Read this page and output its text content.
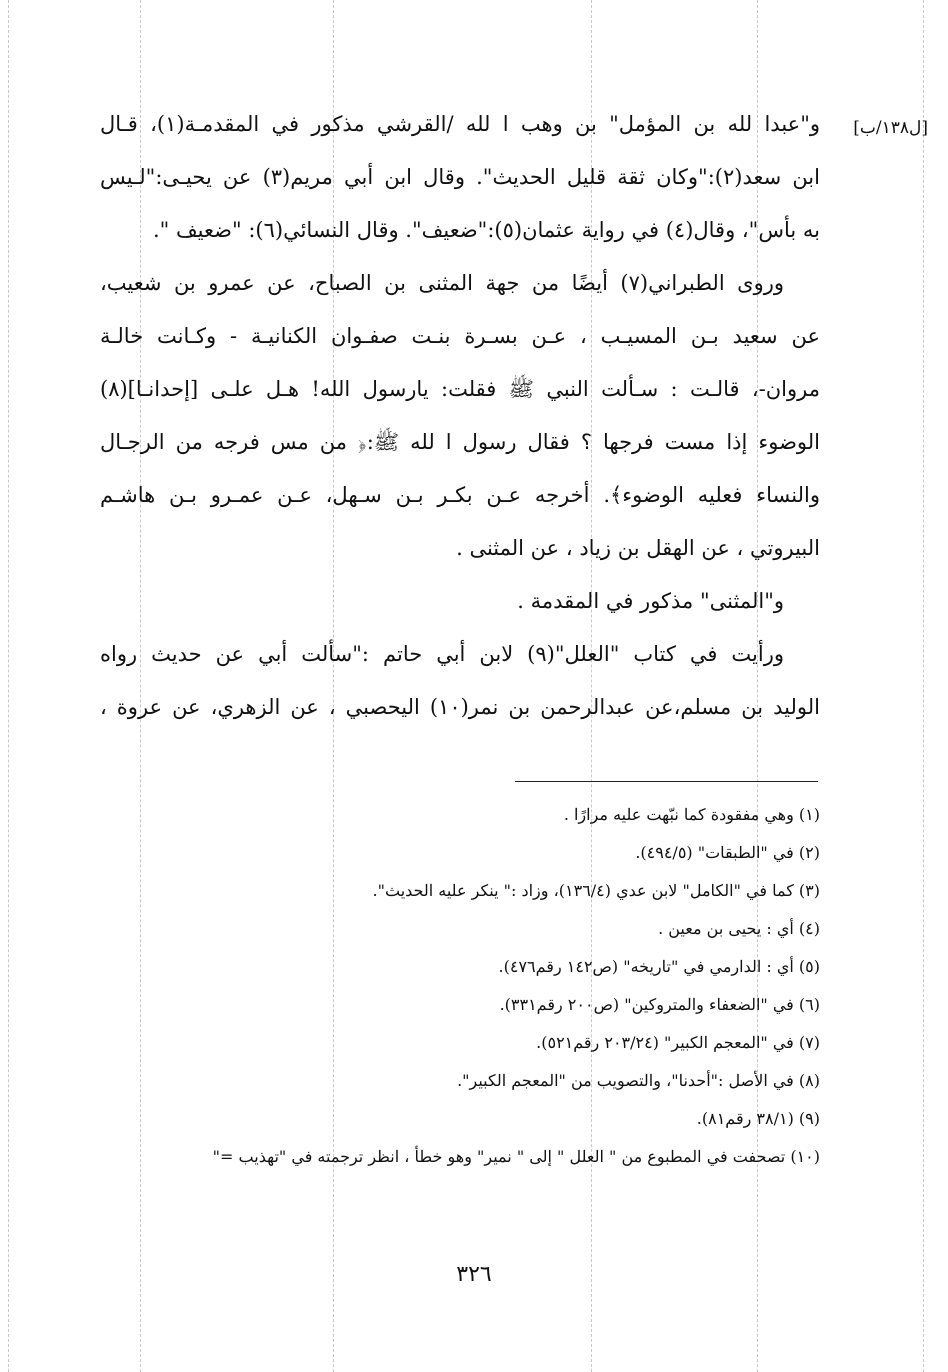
[ل١٣٨/ب]
و"عبدا لله بن المؤمل" بن وهب ا لله /القرشي مذكور في المقدمـة(١)، قـال
ابن سعد(٢):"وكان ثقة قليل الحديث". وقال ابن أبي مريم(٣) عن يحيـى:"لـيس
به بأس"، وقال(٤) في رواية عثمان(٥):"ضعيف". وقال النسائي(٦): "ضعيف ".
وروى الطبراني(٧) أيضًا من جهة المثنى بن الصباح، عن عمرو بن شعيب،
عن سعيد بـن المسيـب ، عـن بسـرة بنـت صفـوان الكنانيـة - وكـانت خالـة
مروان-، قالـت : سـألت النبي ﷺ فقلت: يارسول الله! هـل علـى [إحدانـا](٨)
الوضوء إذا مست فرجها ؟ فقال رسول ا لله ﷺ:﴿ من مس فرجه من الرجـال
والنساء فعليه الوضوء﴾. أخرجه عـن بكـر بـن سـهل، عـن عمـرو بـن هاشـم
البيروتي ، عن الهقل بن زياد ، عن المثنى .
و"المثنى" مذكور في المقدمة .
ورأيت في كتاب "العلل"(٩) لابن أبي حاتم :"سألت أبي عن حديث رواه
الوليد بن مسلم،عن عبدالرحمن بن نمر(١٠) اليحصبي ، عن الزهري، عن عروة ،
(١) وهي مفقودة كما نبّهت عليه مرارًا .
(٢) في "الطبقات" (٤٩٤/٥).
(٣) كما في "الكامل" لابن عدي (١٣٦/٤)، وزاد :" ينكر عليه الحديث".
(٤) أي : يحيى بن معين .
(٥) أي : الدارمي في "تاريخه" (ص١٤٢ رقم٤٧٦).
(٦) في "الضعفاء والمتروكين" (ص٢٠٠ رقم٣٣١).
(٧) في "المعجم الكبير" (٢٠٣/٢٤ رقم٥٢١).
(٨) في الأصل :"أحدنا"، والتصويب من "المعجم الكبير".
(٩) (٣٨/١ رقم٨١).
(١٠) تصحفت في المطبوع من " العلل " إلى " نمير" وهو خطأ ، انظر ترجمته في "تهذيب ="
٣٢٦
